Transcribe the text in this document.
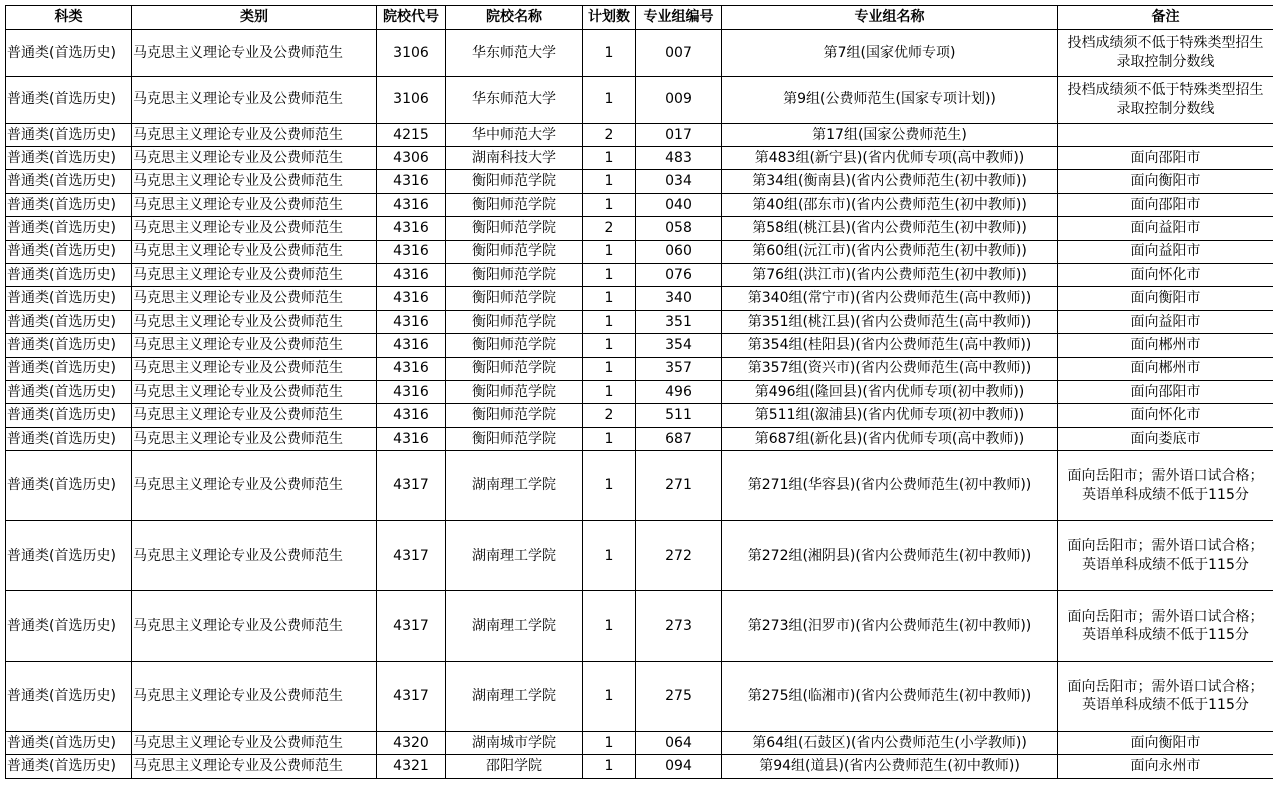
科类	类别	院校代号	院校名称	计划数	专业组编号	专业组名称	备注
普通类(首选历史)	马克思主义理论专业及公费师范生	3106	华东师范大学	1	007	第7组(国家优师专项)	投档成绩须不低于特殊类型招生录取控制分数线
普通类(首选历史)	马克思主义理论专业及公费师范生	3106	华东师范大学	1	009	第9组(公费师范生(国家专项计划))	投档成绩须不低于特殊类型招生录取控制分数线
普通类(首选历史)	马克思主义理论专业及公费师范生	4215	华中师范大学	2	017	第17组(国家公费师范生)	
普通类(首选历史)	马克思主义理论专业及公费师范生	4306	湖南科技大学	1	483	第483组(新宁县)(省内优师专项(高中教师))	面向邵阳市
普通类(首选历史)	马克思主义理论专业及公费师范生	4316	衡阳师范学院	1	034	第34组(衡南县)(省内公费师范生(初中教师))	面向衡阳市
普通类(首选历史)	马克思主义理论专业及公费师范生	4316	衡阳师范学院	1	040	第40组(邵东市)(省内公费师范生(初中教师))	面向邵阳市
普通类(首选历史)	马克思主义理论专业及公费师范生	4316	衡阳师范学院	2	058	第58组(桃江县)(省内公费师范生(初中教师))	面向益阳市
普通类(首选历史)	马克思主义理论专业及公费师范生	4316	衡阳师范学院	1	060	第60组(沅江市)(省内公费师范生(初中教师))	面向益阳市
普通类(首选历史)	马克思主义理论专业及公费师范生	4316	衡阳师范学院	1	076	第76组(洪江市)(省内公费师范生(初中教师))	面向怀化市
普通类(首选历史)	马克思主义理论专业及公费师范生	4316	衡阳师范学院	1	340	第340组(常宁市)(省内公费师范生(高中教师))	面向衡阳市
普通类(首选历史)	马克思主义理论专业及公费师范生	4316	衡阳师范学院	1	351	第351组(桃江县)(省内公费师范生(高中教师))	面向益阳市
普通类(首选历史)	马克思主义理论专业及公费师范生	4316	衡阳师范学院	1	354	第354组(桂阳县)(省内公费师范生(高中教师))	面向郴州市
普通类(首选历史)	马克思主义理论专业及公费师范生	4316	衡阳师范学院	1	357	第357组(资兴市)(省内公费师范生(高中教师))	面向郴州市
普通类(首选历史)	马克思主义理论专业及公费师范生	4316	衡阳师范学院	1	496	第496组(隆回县)(省内优师专项(初中教师))	面向邵阳市
普通类(首选历史)	马克思主义理论专业及公费师范生	4316	衡阳师范学院	2	511	第511组(溆浦县)(省内优师专项(初中教师))	面向怀化市
普通类(首选历史)	马克思主义理论专业及公费师范生	4316	衡阳师范学院	1	687	第687组(新化县)(省内优师专项(高中教师))	面向娄底市
普通类(首选历史)	马克思主义理论专业及公费师范生	4317	湖南理工学院	1	271	第271组(华容县)(省内公费师范生(初中教师))	面向岳阳市；需外语口试合格；英语单科成绩不低于115分
普通类(首选历史)	马克思主义理论专业及公费师范生	4317	湖南理工学院	1	272	第272组(湘阴县)(省内公费师范生(初中教师))	面向岳阳市；需外语口试合格；英语单科成绩不低于115分
普通类(首选历史)	马克思主义理论专业及公费师范生	4317	湖南理工学院	1	273	第273组(汨罗市)(省内公费师范生(初中教师))	面向岳阳市；需外语口试合格；英语单科成绩不低于115分
普通类(首选历史)	马克思主义理论专业及公费师范生	4317	湖南理工学院	1	275	第275组(临湘市)(省内公费师范生(初中教师))	面向岳阳市；需外语口试合格；英语单科成绩不低于115分
普通类(首选历史)	马克思主义理论专业及公费师范生	4320	湖南城市学院	1	064	第64组(石鼓区)(省内公费师范生(小学教师))	面向衡阳市
普通类(首选历史)	马克思主义理论专业及公费师范生	4321	邵阳学院	1	094	第94组(道县)(省内公费师范生(初中教师))	面向永州市
